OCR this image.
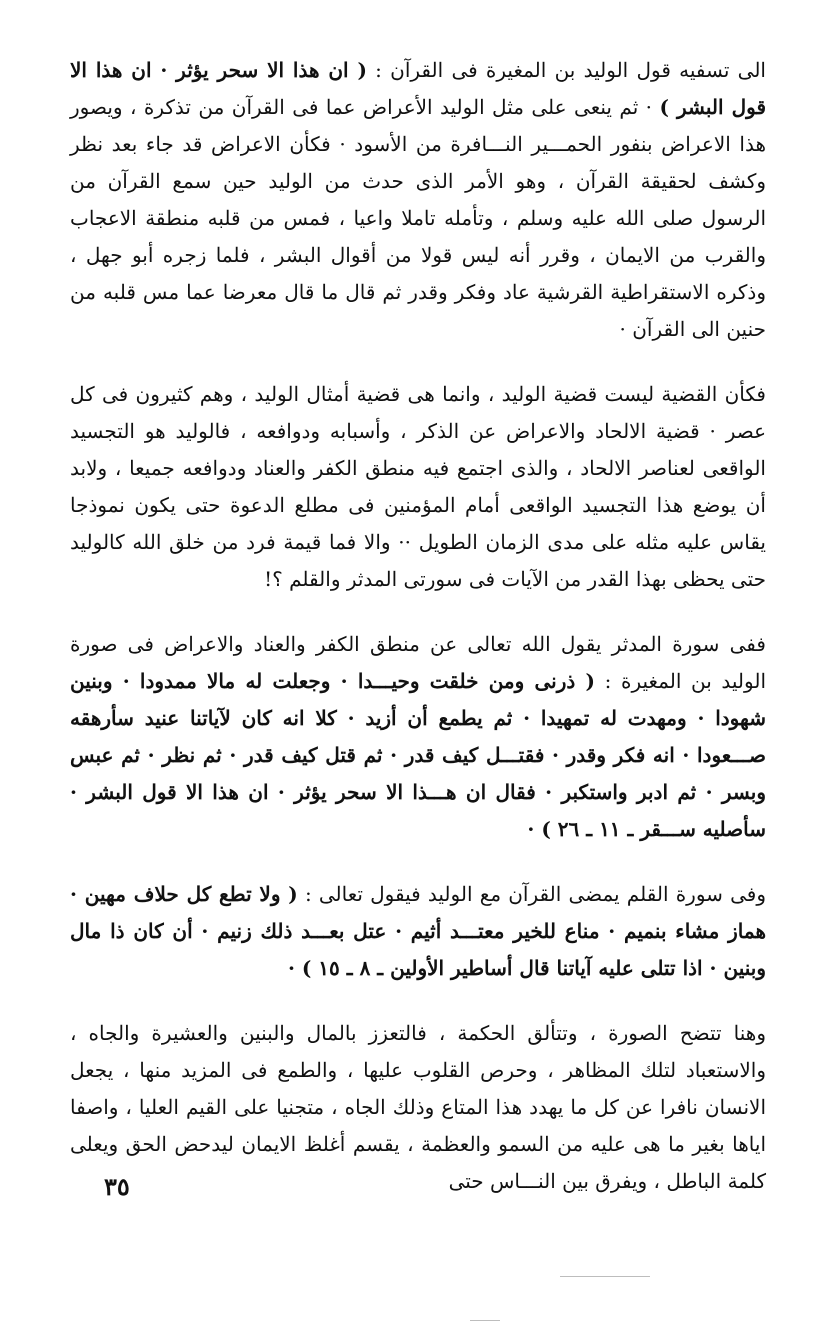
الى تسفيه قول الوليد بن المغيرة فى القرآن : ( ان هذا الا سحر يؤثر · ان هذا الا قول البشر ) · ثم ينعى على مثل الوليد الأعراض عما فى القرآن من تذكرة ، ويصور هذا الاعراض بنفور الحمـــير النـــافرة من الأسود · فكأن الاعراض قد جاء بعد نظر وكشف لحقيقة القرآن ، وهو الأمر الذى حدث من الوليد حين سمع القرآن من الرسول صلى الله عليه وسلم ، وتأمله تاملا واعيا ، فمس من قلبه منطقة الاعجاب والقرب من الايمان ، وقرر أنه ليس قولا من أقوال البشر ، فلما زجره أبو جهل ، وذكره الاستقراطية القرشية عاد وفكر وقدر ثم قال ما قال معرضا عما مس قلبه من حنين الى القرآن ·

فكأن القضية ليست قضية الوليد ، وانما هى قضية أمثال الوليد ، وهم كثيرون فى كل عصر · قضية الالحاد والاعراض عن الذكر ، وأسبابه ودوافعه ، فالوليد هو التجسيد الواقعى لعناصر الالحاد ، والذى اجتمع فيه منطق الكفر والعناد ودوافعه جميعا ، ولابد أن يوضع هذا التجسيد الواقعى أمام المؤمنين فى مطلع الدعوة حتى يكون نموذجا يقاس عليه مثله على مدى الزمان الطويل ·· والا فما قيمة فرد من خلق الله كالوليد حتى يحظى بهذا القدر من الآيات فى سورتى المدثر والقلم ؟!

ففى سورة المدثر يقول الله تعالى عن منطق الكفر والعناد والاعراض فى صورة الوليد بن المغيرة : ( ذرنى ومن خلقت وحيـــدا · وجعلت له مالا ممدودا · وبنين شهودا · ومهدت له تمهيدا · ثم يطمع أن أزيد · كلا انه كان لآياتنا عنيد سأرهقه صـــعودا · انه فكر وقدر · فقتـــل كيف قدر · ثم قتل كيف قدر · ثم نظر · ثم عبس وبسر · ثم ادبر واستكبر · فقال ان هـــذا الا سحر يؤثر · ان هذا الا قول البشر · سأصليه ســـقر ـ ١١ ـ ٢٦ ) ·

وفى سورة القلم يمضى القرآن مع الوليد فيقول تعالى : ( ولا تطع كل حلاف مهين · هماز مشاء بنميم · مناع للخير معتـــد أثيم · عتل بعـــد ذلك زنيم · أن كان ذا مال وبنين · اذا تتلى عليه آياتنا قال أساطير الأولين ـ ٨ ـ ١٥ ) ·

وهنا تتضح الصورة ، وتتألق الحكمة ، فالتعزز بالمال والبنين والعشيرة والجاه ، والاستعباد لتلك المظاهر ، وحرص القلوب عليها ، والطمع فى المزيد منها ، يجعل الانسان نافرا عن كل ما يهدد هذا المتاع وذلك الجاه ، متجنيا على القيم العليا ، واصفا اياها بغير ما هى عليه من السمو والعظمة ، يقسم أغلظ الايمان ليدحض الحق ويعلى كلمة الباطل ، ويفرق بين النـــاس حتى

٣٥
